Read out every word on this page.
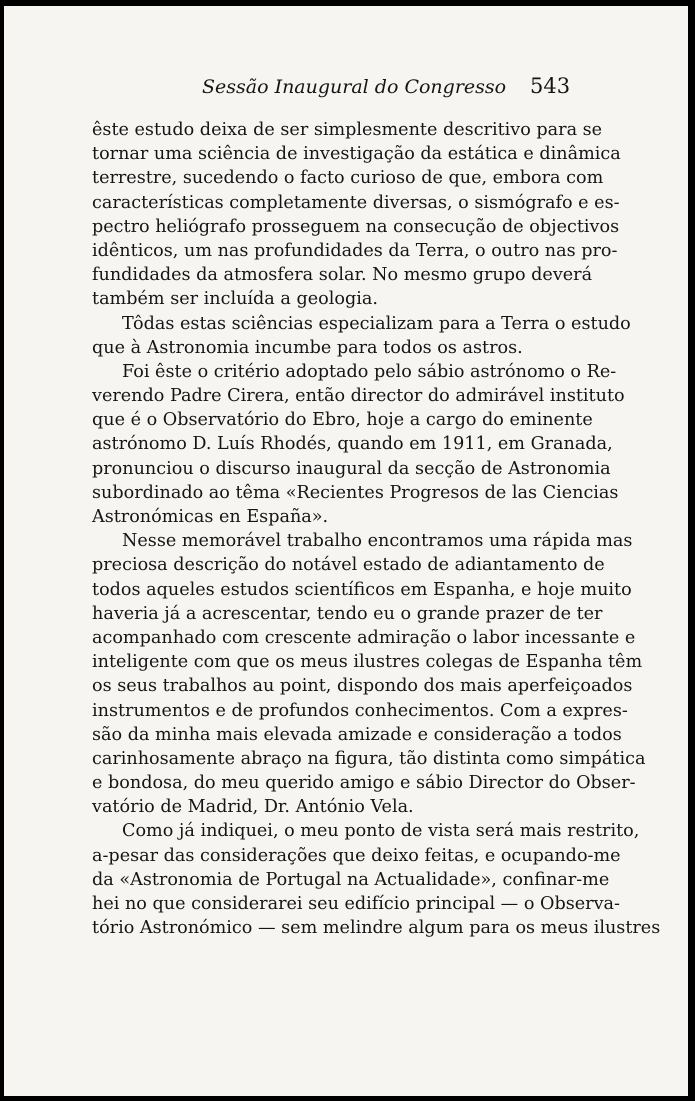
Sessão Inaugural do Congresso 543
êste estudo deixa de ser simplesmente descritivo para se
tornar uma sciência de investigação da estática e dinâmica
terrestre, sucedendo o facto curioso de que, embora com
características completamente diversas, o sismógrafo e es-
pectro heliógrafo prosseguem na consecução de objectivos
idênticos, um nas profundidades da Terra, o outro nas pro-
fundidades da atmosfera solar. No mesmo grupo deverá
também ser incluída a geologia.
Tôdas estas sciências especializam para a Terra o estudo
que à Astronomia incumbe para todos os astros.
Foi êste o critério adoptado pelo sábio astrónomo o Re-
verendo Padre Cirera, então director do admirável instituto
que é o Observatório do Ebro, hoje a cargo do eminente
astrónomo D. Luís Rhodés, quando em 1911, em Granada,
pronunciou o discurso inaugural da secção de Astronomia
subordinado ao têma «Recientes Progresos de las Ciencias
Astronómicas en España».
Nesse memorável trabalho encontramos uma rápida mas
preciosa descrição do notável estado de adiantamento de
todos aqueles estudos scientíficos em Espanha, e hoje muito
haveria já a acrescentar, tendo eu o grande prazer de ter
acompanhado com crescente admiração o labor incessante e
inteligente com que os meus ilustres colegas de Espanha têm
os seus trabalhos au point, dispondo dos mais aperfeiçoados
instrumentos e de profundos conhecimentos. Com a expres-
são da minha mais elevada amizade e consideração a todos
carinhosamente abraço na figura, tão distinta como simpática
e bondosa, do meu querido amigo e sábio Director do Obser-
vatório de Madrid, Dr. António Vela.
Como já indiquei, o meu ponto de vista será mais restrito,
a-pesar das considerações que deixo feitas, e ocupando-me
da «Astronomia de Portugal na Actualidade», confinar-me
hei no que considerarei seu edifício principal — o Observa-
tório Astronómico — sem melindre algum para os meus ilustres
